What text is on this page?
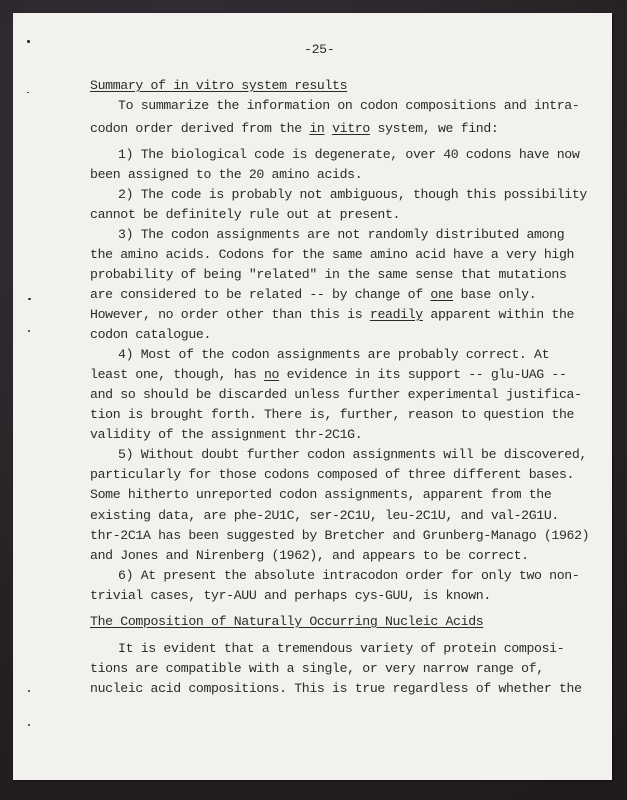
-25-
Summary of in vitro system results
To summarize the information on codon compositions and intra-
codon order derived from the in vitro system, we find:
1) The biological code is degenerate, over 40 codons have now
been assigned to the 20 amino acids.
2) The code is probably not ambiguous, though this possibility
cannot be definitely rule out at present.
3) The codon assignments are not randomly distributed among
the amino acids. Codons for the same amino acid have a very high
probability of being "related" in the same sense that mutations
are considered to be related -- by change of one base only.
However, no order other than this is readily apparent within the
codon catalogue.
4) Most of the codon assignments are probably correct. At
least one, though, has no evidence in its support -- glu-UAG --
and so should be discarded unless further experimental justifica-
tion is brought forth. There is, further, reason to question the
validity of the assignment thr-2C1G.
5) Without doubt further codon assignments will be discovered,
particularly for those codons composed of three different bases.
Some hitherto unreported codon assignments, apparent from the
existing data, are phe-2U1C, ser-2C1U, leu-2C1U, and val-2G1U.
thr-2C1A has been suggested by Bretcher and Grunberg-Manago (1962)
and Jones and Nirenberg (1962), and appears to be correct.
6) At present the absolute intracodon order for only two non-
trivial cases, tyr-AUU and perhaps cys-GUU, is known.
The Composition of Naturally Occurring Nucleic Acids
It is evident that a tremendous variety of protein composi-
tions are compatible with a single, or very narrow range of,
nucleic acid compositions. This is true regardless of whether the
